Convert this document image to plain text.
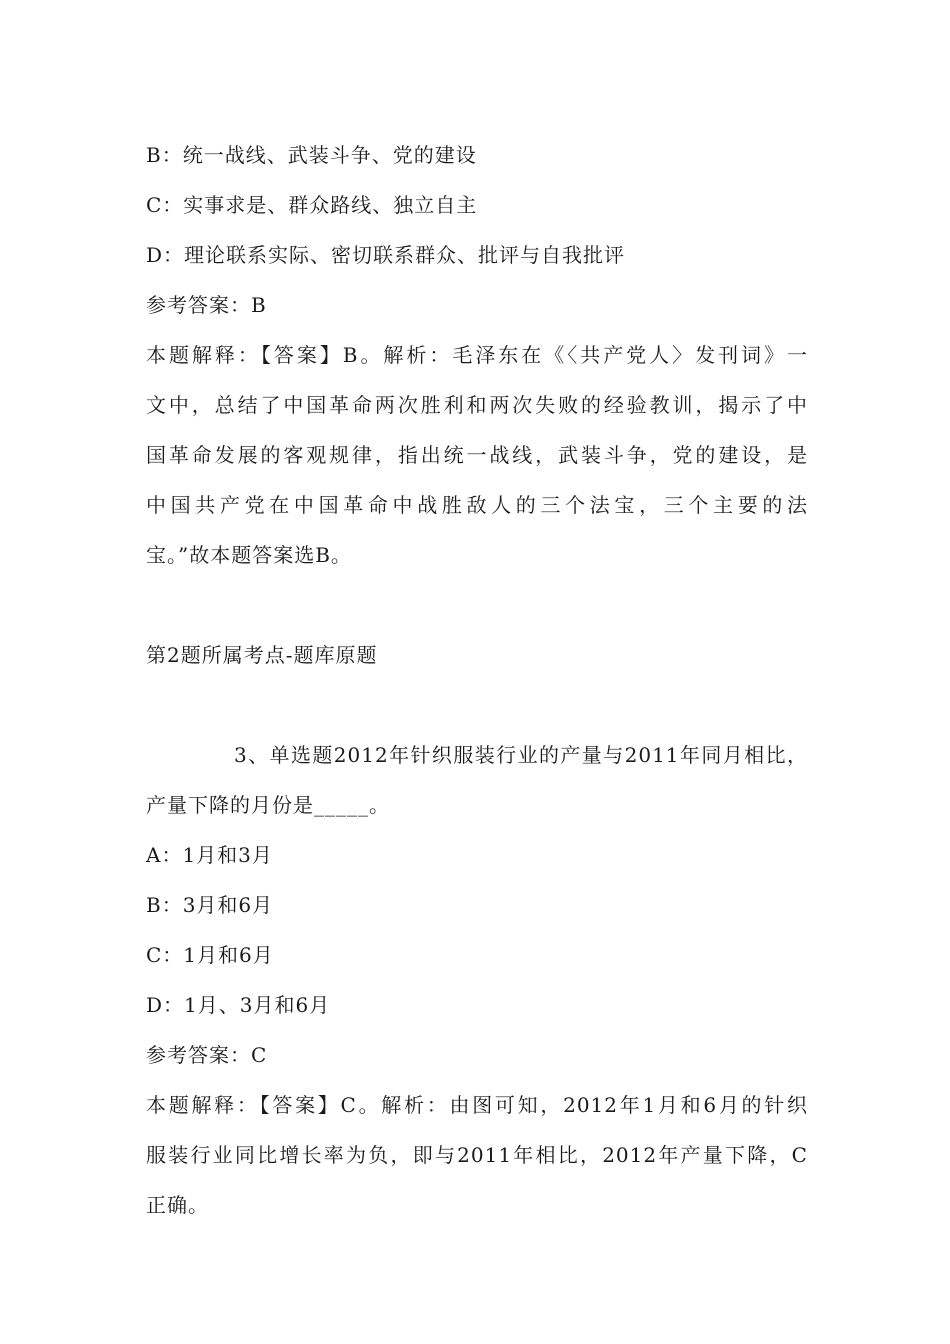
B：统一战线、武装斗争、党的建设
C：实事求是、群众路线、独立自主
D：理论联系实际、密切联系群众、批评与自我批评
参考答案：B
本题解释：【答案】B。解析：毛泽东在《〈共产党人〉发刊词》一
文中，总结了中国革命两次胜利和两次失败的经验教训，揭示了中
国革命发展的客观规律，指出统一战线，武装斗争，党的建设，是
中国共产党在中国革命中战胜敌人的三个法宝，三个主要的法
宝。”故本题答案选B。
第2题所属考点-题库原题
3、单选题2012年针织服装行业的产量与2011年同月相比，
产量下降的月份是_____。
A：1月和3月
B：3月和6月
C：1月和6月
D：1月、3月和6月
参考答案：C
本题解释：【答案】C。解析：由图可知，2012年1月和6月的针织
服装行业同比增长率为负，即与2011年相比，2012年产量下降，C
正确。
